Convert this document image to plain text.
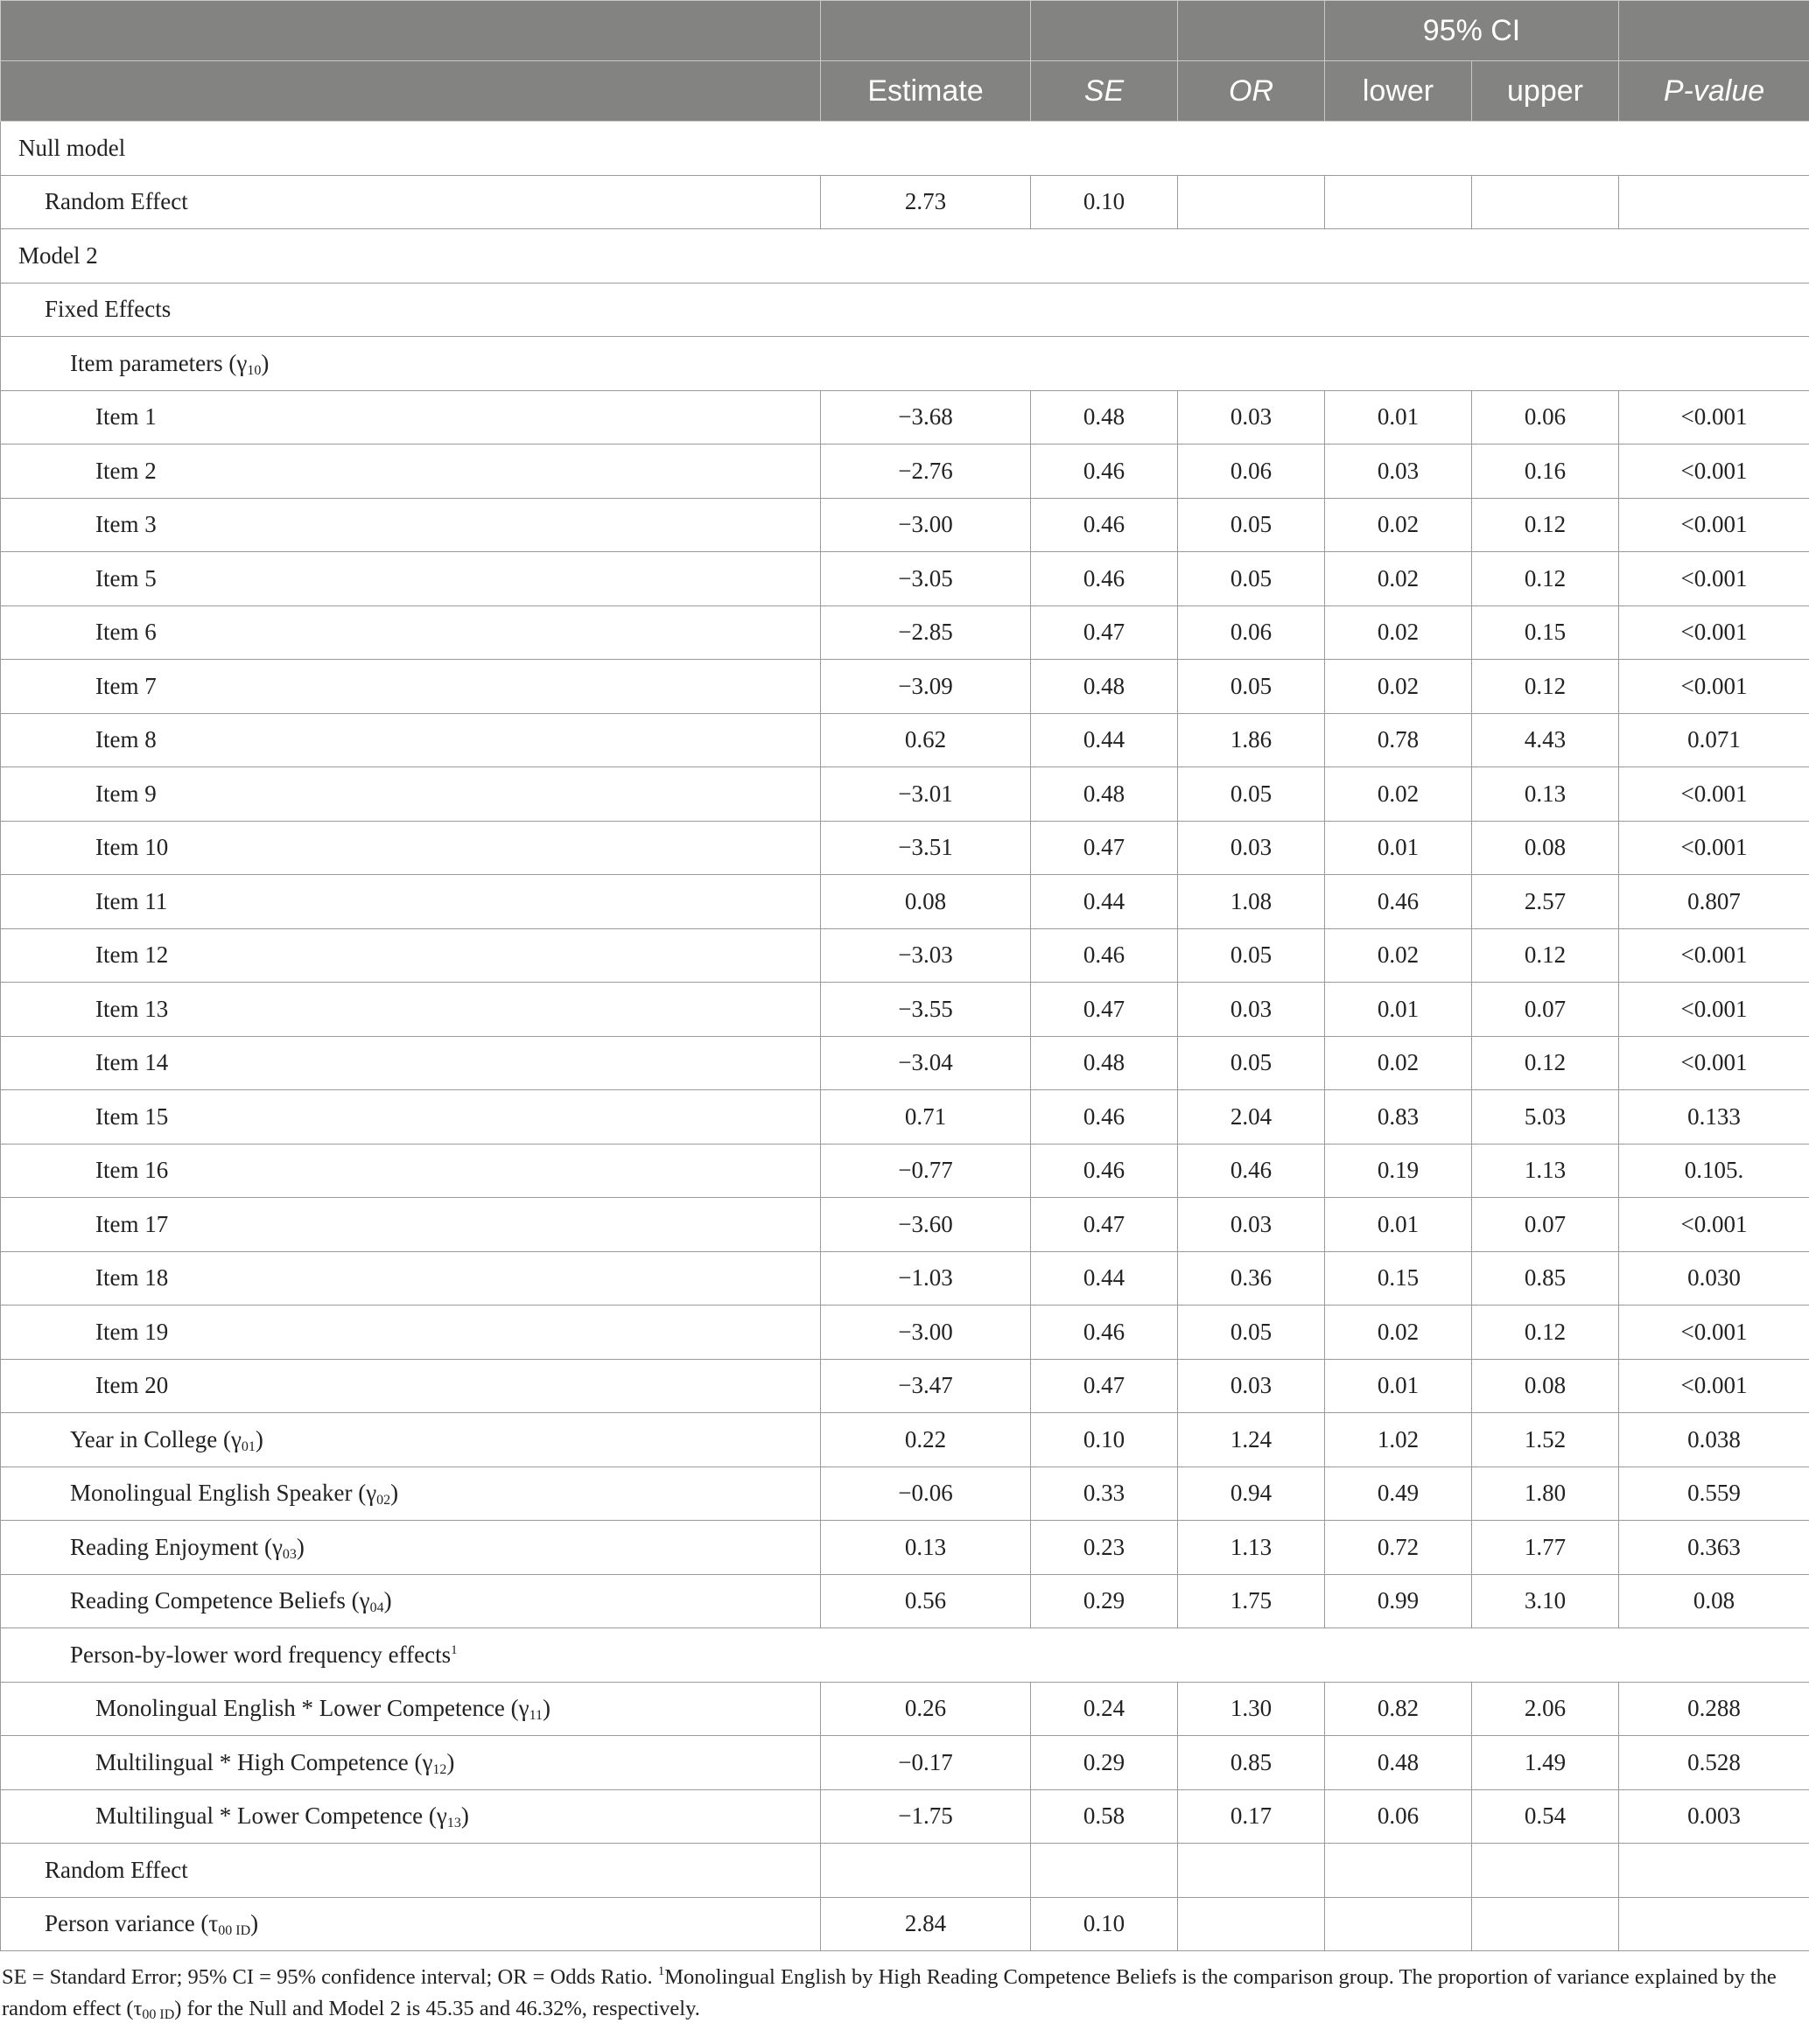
				95% CI		
	Estimate	SE	OR	lower	upper	P-value
Null model						
Random Effect	2.73	0.10				
Model 2						
Fixed Effects						
Item parameters $(\gamma_{10})$						
Item 1	−3.68	0.48	0.03	0.01	0.06	<0.001
Item 2	−2.76	0.46	0.06	0.03	0.16	<0.001
Item 3	−3.00	0.46	0.05	0.02	0.12	<0.001
Item 5	−3.05	0.46	0.05	0.02	0.12	<0.001
Item 6	−2.85	0.47	0.06	0.02	0.15	<0.001
Item 7	−3.09	0.48	0.05	0.02	0.12	<0.001
Item 8	0.62	0.44	1.86	0.78	4.43	0.071
Item 9	−3.01	0.48	0.05	0.02	0.13	<0.001
Item 10	−3.51	0.47	0.03	0.01	0.08	<0.001
Item 11	0.08	0.44	1.08	0.46	2.57	0.807
Item 12	−3.03	0.46	0.05	0.02	0.12	<0.001
Item 13	−3.55	0.47	0.03	0.01	0.07	<0.001
Item 14	−3.04	0.48	0.05	0.02	0.12	<0.001
Item 15	0.71	0.46	2.04	0.83	5.03	0.133
Item 16	−0.77	0.46	0.46	0.19	1.13	0.105.
Item 17	−3.60	0.47	0.03	0.01	0.07	<0.001
Item 18	−1.03	0.44	0.36	0.15	0.85	0.030
Item 19	−3.00	0.46	0.05	0.02	0.12	<0.001
Item 20	−3.47	0.47	0.03	0.01	0.08	<0.001
Year in College $(\gamma_{01})$	0.22	0.10	1.24	1.02	1.52	0.038
Monolingual English Speaker $(\gamma_{02})$	−0.06	0.33	0.94	0.49	1.80	0.559
Reading Enjoyment $(\gamma_{03})$	0.13	0.23	1.13	0.72	1.77	0.363
Reading Competence Beliefs $(\gamma_{04})$	0.56	0.29	1.75	0.99	3.10	0.08
Person-by-lower word frequency effects$^1$
Monolingual English * Lower Competence $(\gamma_{11})$	0.26	0.24	1.30	0.82	2.06	0.288
Multilingual * High Competence $(\gamma_{12})$	−0.17	0.29	0.85	0.48	1.49	0.528
Multilingual * Lower Competence $(\gamma_{13})$	−1.75	0.58	0.17	0.06	0.54	0.003
Random Effect						
Person variance $(\tau_{00 ID})$	2.84	0.10				
SE = Standard Error; 95% CI = 95% confidence interval; OR = Odds Ratio. $^1$Monolingual English by High Reading Competence Beliefs is the comparison group. The proportion of variance explained by the random effect $(\tau_{00 ID})$ for the Null and Model 2 is 45.35 and 46.32%, respectively.
